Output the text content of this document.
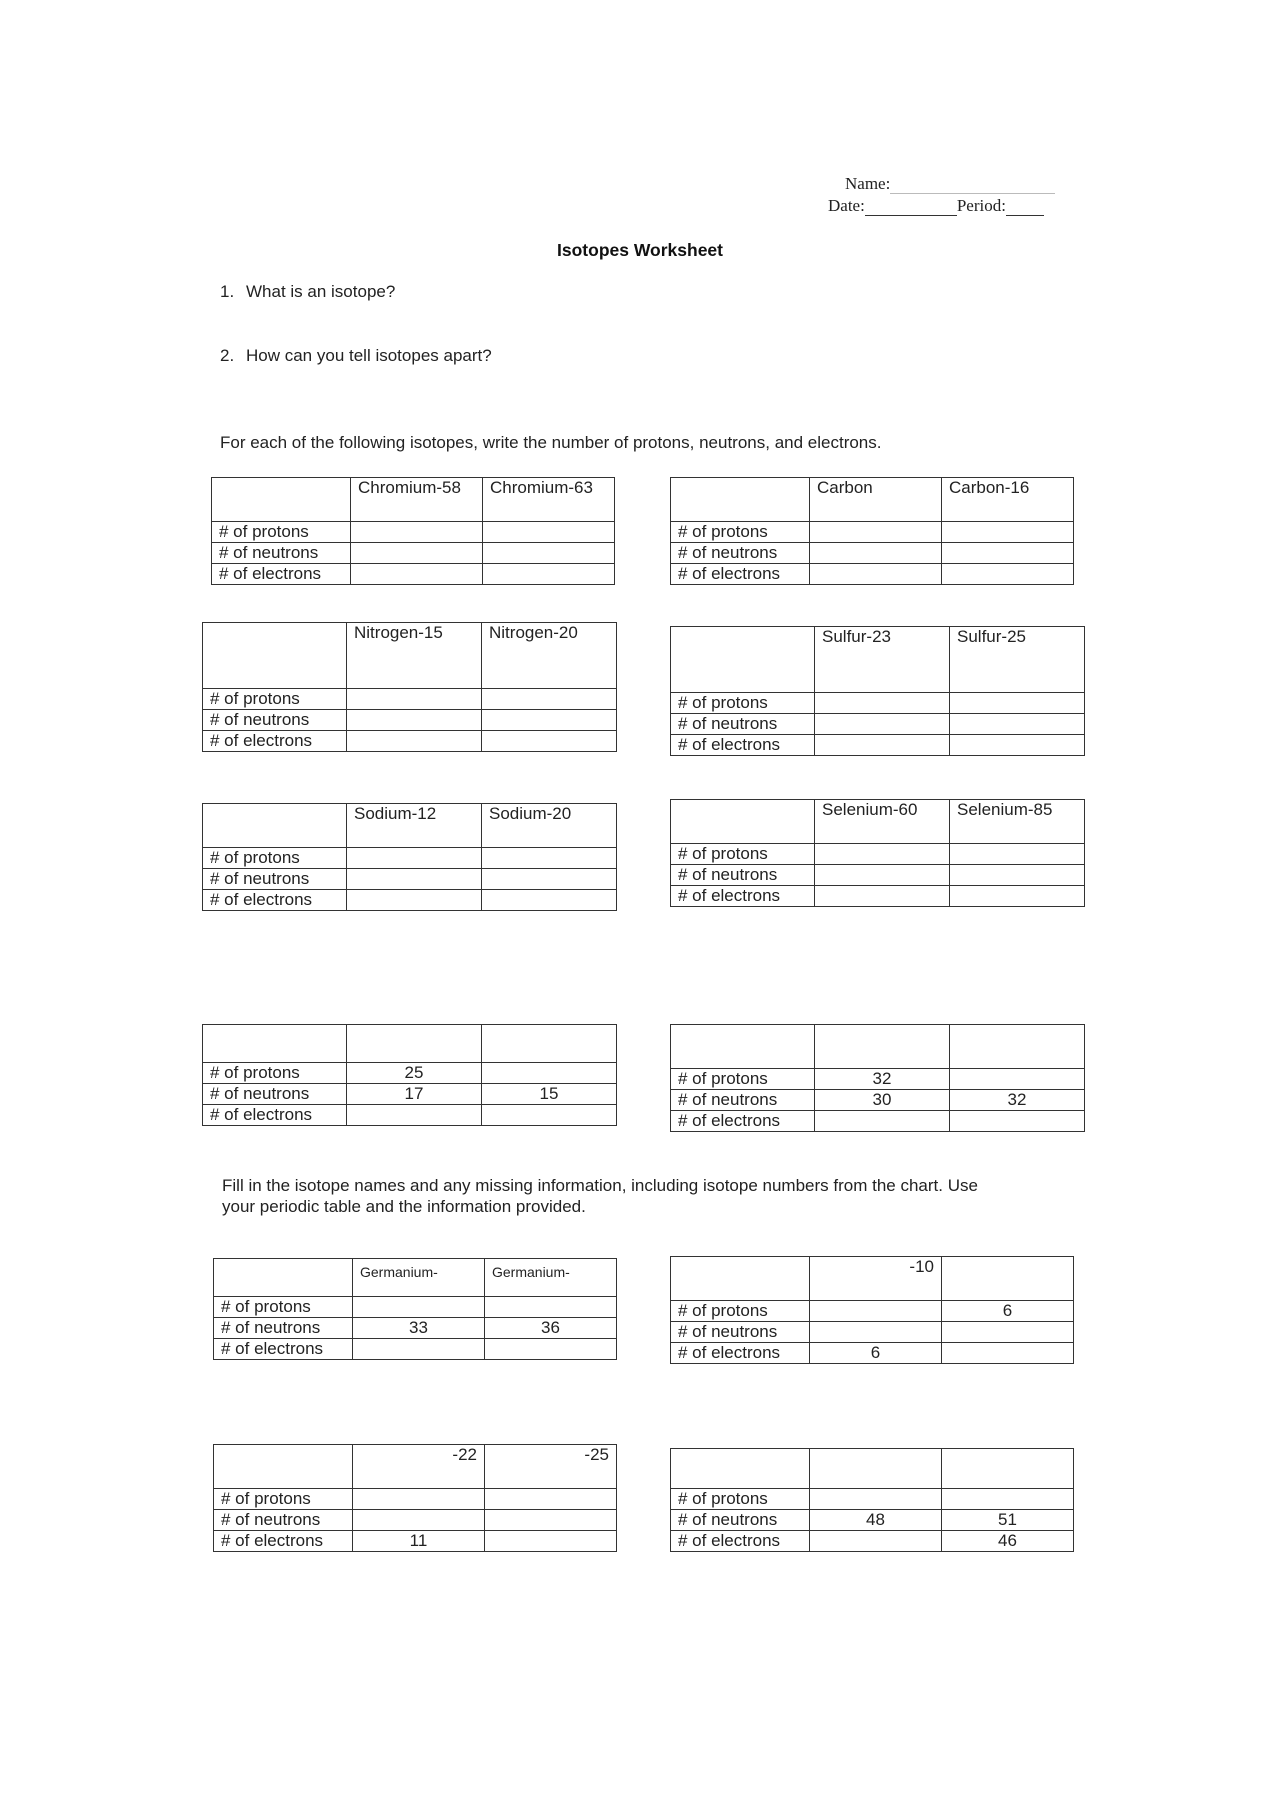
Name:
Date:	Period:
Isotopes Worksheet
1. What is an isotope?
2. How can you tell isotopes apart?
For each of the following isotopes, write the number of protons, neutrons, and electrons.
	Chromium-58	Chromium-63
# of protons		
# of neutrons		
# of electrons		
	Carbon	Carbon-16
# of protons		
# of neutrons		
# of electrons		
	Nitrogen-15	Nitrogen-20
# of protons		
# of neutrons		
# of electrons		
	Sulfur-23	Sulfur-25
# of protons		
# of neutrons		
# of electrons		
	Sodium-12	Sodium-20
# of protons		
# of neutrons		
# of electrons		
	Selenium-60	Selenium-85
# of protons		
# of neutrons		
# of electrons		

# of protons	25	
# of neutrons	17	15
# of electrons		

# of protons	32	
# of neutrons	30	32
# of electrons		
Fill in the isotope names and any missing information, including isotope numbers from the chart. Use
your periodic table and the information provided.
	Germanium-	Germanium-
# of protons		
# of neutrons	33	36
# of electrons		
	-10	
# of protons		6
# of neutrons		
# of electrons	6	
	-22	-25
# of protons		
# of neutrons		
# of electrons	11	

# of protons		
# of neutrons	48	51
# of electrons		46
